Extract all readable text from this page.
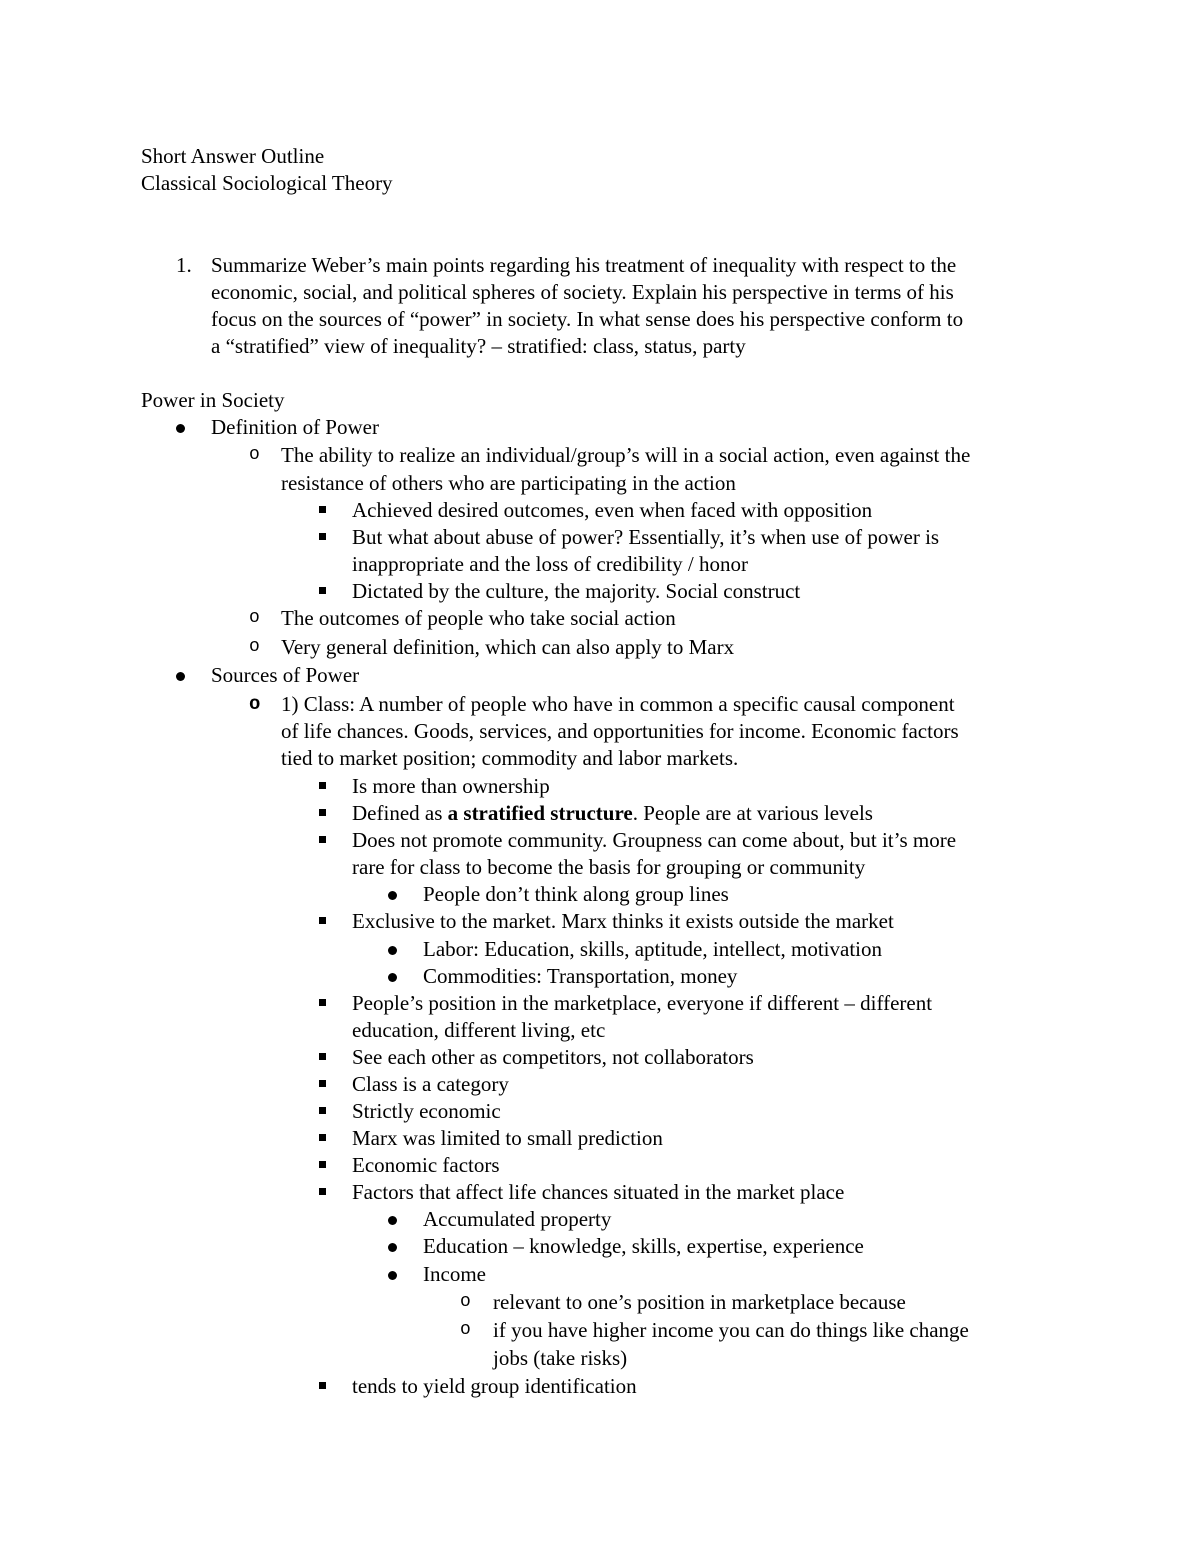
Short Answer Outline
Classical Sociological Theory
1. Summarize Weber’s main points regarding his treatment of inequality with respect to the
economic, social, and political spheres of society. Explain his perspective in terms of his
focus on the sources of “power” in society. In what sense does his perspective conform to
a “stratified” view of inequality? – stratified: class, status, party
Power in Society
Definition of Power
o The ability to realize an individual/group’s will in a social action, even against the
resistance of others who are participating in the action
Achieved desired outcomes, even when faced with opposition
But what about abuse of power? Essentially, it’s when use of power is
inappropriate and the loss of credibility / honor
Dictated by the culture, the majority. Social construct
o The outcomes of people who take social action
o Very general definition, which can also apply to Marx
Sources of Power
o 1) Class: A number of people who have in common a specific causal component
of life chances. Goods, services, and opportunities for income. Economic factors
tied to market position; commodity and labor markets.
Is more than ownership
Defined as a stratified structure. People are at various levels
Does not promote community. Groupness can come about, but it’s more
rare for class to become the basis for grouping or community
People don’t think along group lines
Exclusive to the market. Marx thinks it exists outside the market
Labor: Education, skills, aptitude, intellect, motivation
Commodities: Transportation, money
People’s position in the marketplace, everyone if different – different
education, different living, etc
See each other as competitors, not collaborators
Class is a category
Strictly economic
Marx was limited to small prediction
Economic factors
Factors that affect life chances situated in the market place
Accumulated property
Education – knowledge, skills, expertise, experience
Income
o relevant to one’s position in marketplace because
o if you have higher income you can do things like change
jobs (take risks)
tends to yield group identification
